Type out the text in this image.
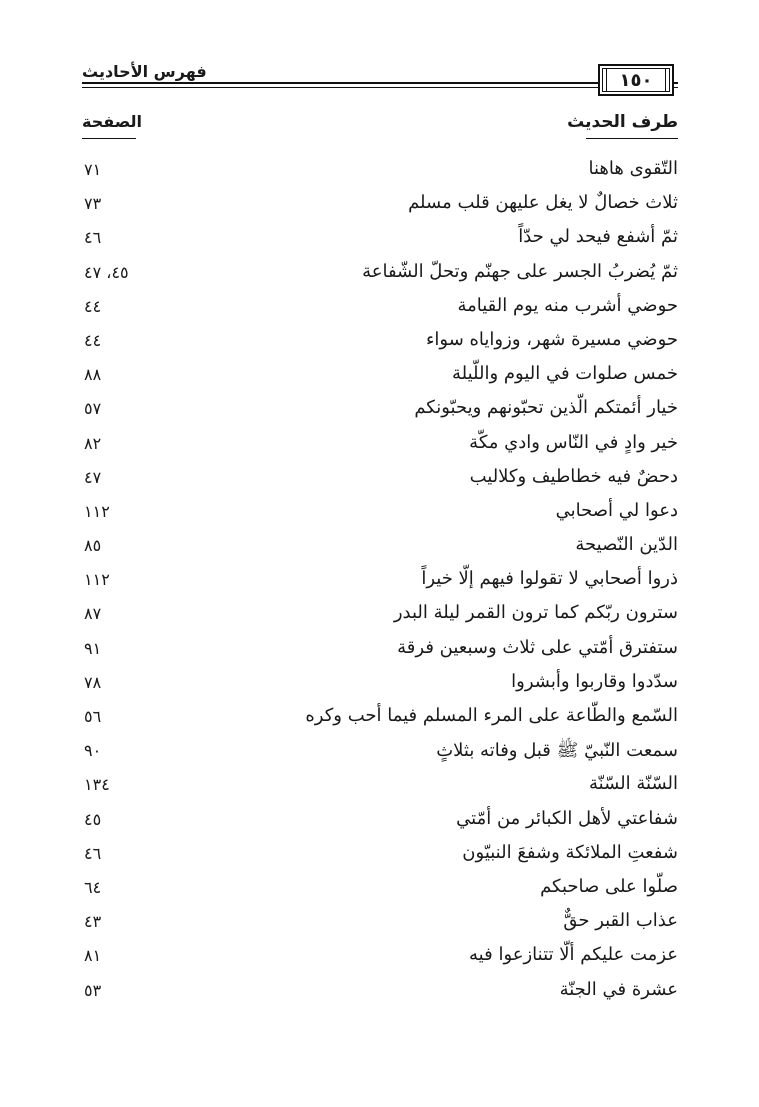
فهرس الأحاديث	١٥٠
طرف الحديث
الصفحة
التّقوى هاهنا
٧١
ثلاث خصالٌ لا يغل عليهن قلب مسلم
٧٣
ثمّ أشفع فيحد لي حدّاً
٤٦
ثمّ يُضربُ الجسر على جهنّم وتحلّ الشّفاعة
٤٥، ٤٧
حوضي أشرب منه يوم القيامة
٤٤
حوضي مسيرة شهر، وزواياه سواء
٤٤
خمس صلوات في اليوم واللّيلة
٨٨
خيار أئمتكم الّذين تحبّونهم ويحبّونكم
٥٧
خير وادٍ في النّاس وادي مكّة
٨٢
دحضٌ فيه خطاطيف وكلاليب
٤٧
دعوا لي أصحابي
١١٢
الدّين النّصيحة
٨٥
ذروا أصحابي لا تقولوا فيهم إلّا خيراً
١١٢
سترون ربّكم كما ترون القمر ليلة البدر
٨٧
ستفترق أمّتي على ثلاث وسبعين فرقة
٩١
سدّدوا وقاربوا وأبشروا
٧٨
السّمع والطّاعة على المرء المسلم فيما أحب وكره
٥٦
سمعت النّبيّ ﷺ قبل وفاته بثلاثٍ
٩٠
السّنّة السّنّة
١٣٤
شفاعتي لأهل الكبائر من أمّتي
٤٥
شفعتِ الملائكة وشفعَ النبيّون
٤٦
صلّوا على صاحبكم
٦٤
عذاب القبر حقٌّ
٤٣
عزمت عليكم ألّا تتنازعوا فيه
٨١
عشرة في الجنّة
٥٣
